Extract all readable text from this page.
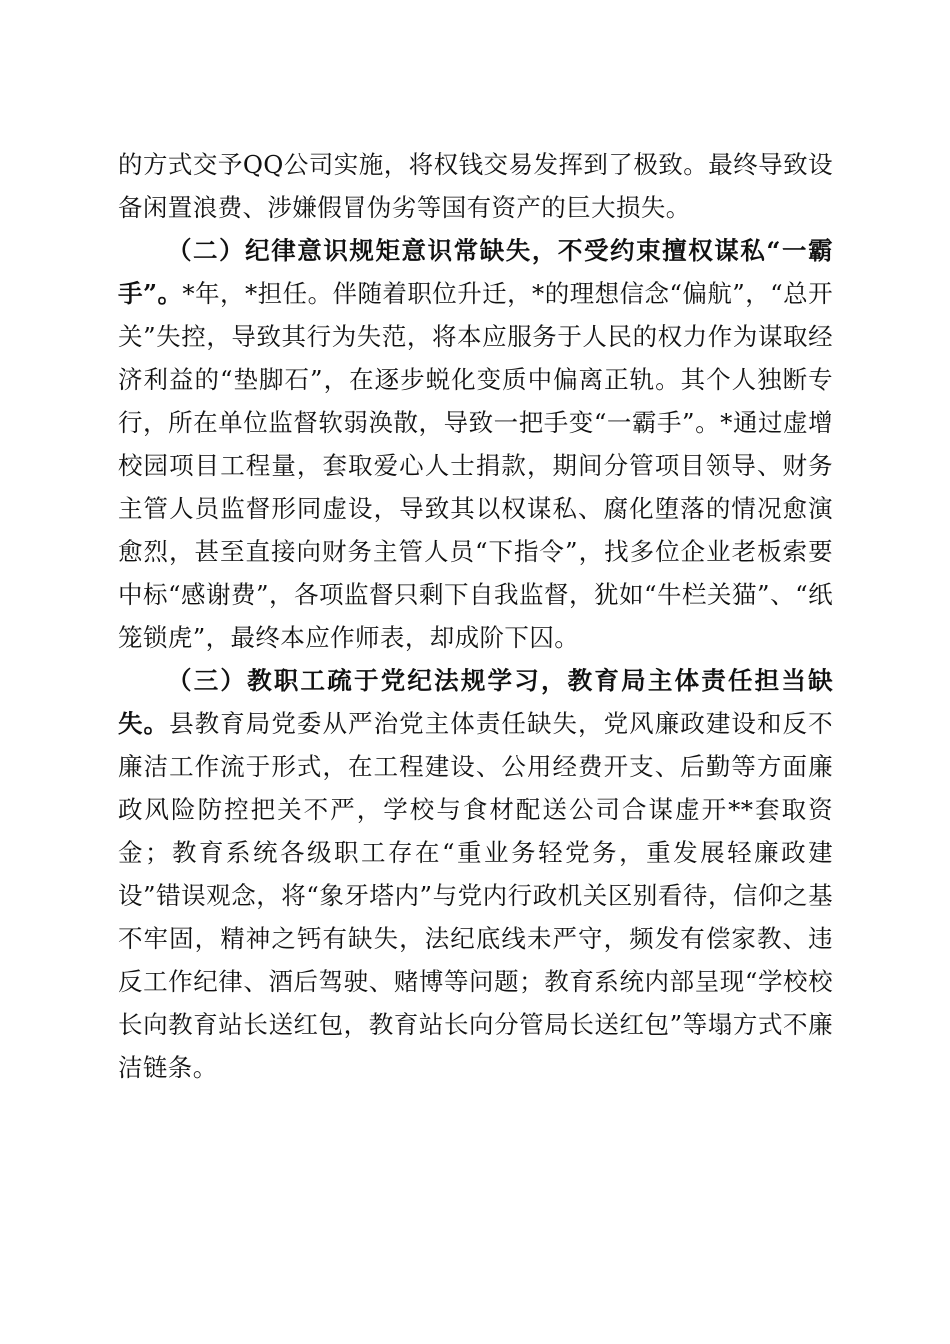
的方式交予QQ公司实施，将权钱交易发挥到了极致。最终导致设备闲置浪费、涉嫌假冒伪劣等国有资产的巨大损失。

（二）纪律意识规矩意识常缺失，不受约束擅权谋私“一霸手”。*年，*担任。伴随着职位升迁，*的理想信念“偏航”，“总开关”失控，导致其行为失范，将本应服务于人民的权力作为谋取经济利益的“垫脚石”，在逐步蜕化变质中偏离正轨。其个人独断专行，所在单位监督软弱涣散，导致一把手变“一霸手”。*通过虚增校园项目工程量，套取爱心人士捐款，期间分管项目领导、财务主管人员监督形同虚设，导致其以权谋私、腐化堕落的情况愈演愈烈，甚至直接向财务主管人员“下指令”，找多位企业老板索要中标“感谢费”，各项监督只剩下自我监督，犹如“牛栏关猫”、“纸笼锁虎”，最终本应作师表，却成阶下囚。

（三）教职工疏于党纪法规学习，教育局主体责任担当缺失。县教育局党委从严治党主体责任缺失，党风廉政建设和反不廉洁工作流于形式，在工程建设、公用经费开支、后勤等方面廉政风险防控把关不严，学校与食材配送公司合谋虚开**套取资金；教育系统各级职工存在“重业务轻党务，重发展轻廉政建设”错误观念，将“象牙塔内”与党内行政机关区别看待，信仰之基不牢固，精神之钙有缺失，法纪底线未严守，频发有偿家教、违反工作纪律、酒后驾驶、赌博等问题；教育系统内部呈现“学校校长向教育站长送红包，教育站长向分管局长送红包”等塌方式不廉洁链条。
